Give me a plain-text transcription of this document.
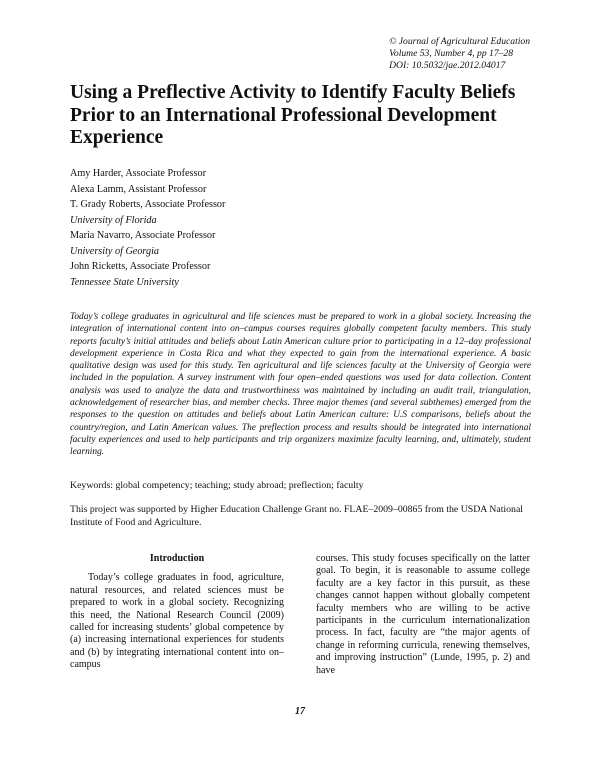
© Journal of Agricultural Education
Volume 53, Number 4, pp 17–28
DOI: 10.5032/jae.2012.04017
Using a Preflective Activity to Identify Faculty Beliefs Prior to an International Professional Development Experience
Amy Harder, Associate Professor
Alexa Lamm, Assistant Professor
T. Grady Roberts, Associate Professor
University of Florida
Maria Navarro, Associate Professor
University of Georgia
John Ricketts, Associate Professor
Tennessee State University

Today’s college graduates in agricultural and life sciences must be prepared to work in a global society. Increasing the integration of international content into on–campus courses requires globally competent faculty members. This study reports faculty’s initial attitudes and beliefs about Latin American culture prior to participating in a 12–day professional development experience in Costa Rica and what they expected to gain from the international experience. A basic qualitative design was used for this study. Ten agricultural and life sciences faculty at the University of Georgia were included in the population. A survey instrument with four open–ended questions was used for data collection. Content analysis was used to analyze the data and trustworthiness was maintained by including an audit trail, triangulation, acknowledgement of researcher bias, and member checks. Three major themes (and several subthemes) emerged from the responses to the question on attitudes and beliefs about Latin American culture: U.S comparisons, beliefs about the country/region, and Latin American values. The preflection process and results should be integrated into international faculty experiences and used to help participants and trip organizers maximize faculty learning, and, ultimately, student learning.

Keywords: global competency; teaching; study abroad; preflection; faculty

This project was supported by Higher Education Challenge Grant no. FLAE–2009–00865 from the USDA National Institute of Food and Agriculture.

Introduction

Today’s college graduates in food, agriculture, natural resources, and related sciences must be prepared to work in a global society. Recognizing this need, the National Research Council (2009) called for increasing students’ global competence by (a) increasing international experiences for students and (b) by integrating international content into on–campus

courses. This study focuses specifically on the latter goal. To begin, it is reasonable to assume college faculty are a key factor in this pursuit, as these changes cannot happen without globally competent faculty members who are willing to be active participants in the curriculum internationalization process. In fact, faculty are “the major agents of change in reforming curricula, renewing themselves, and improving instruction” (Lunde, 1995, p. 2) and have

17
